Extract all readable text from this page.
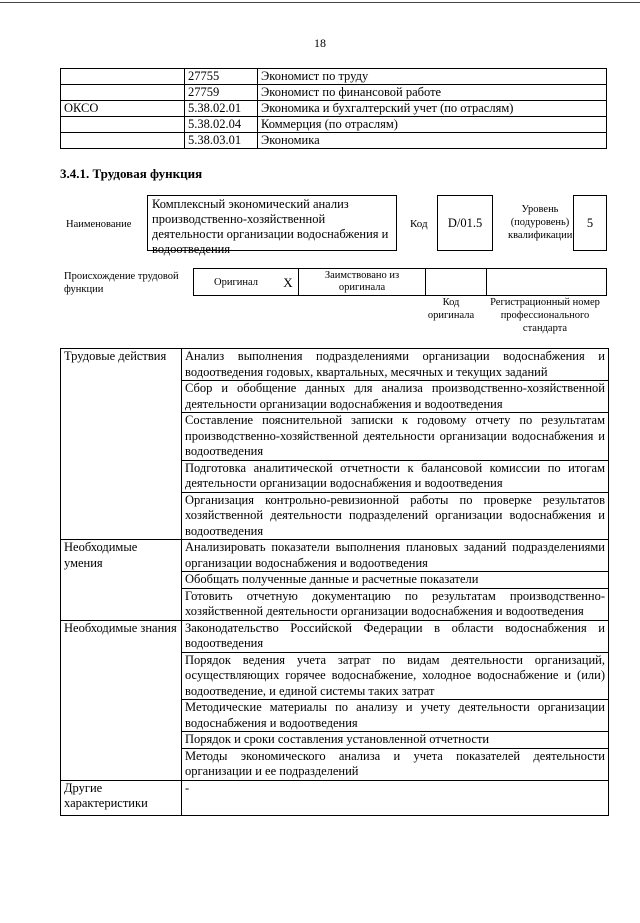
18
	27755	Экономист по труду
	27759	Экономист по финансовой работе
ОКСО	5.38.02.01	Экономика и бухгалтерский учет (по отраслям)
	5.38.02.04	Коммерция (по отраслям)
	5.38.03.01	Экономика
3.4.1. Трудовая функция
Наименование
Комплексный экономический анализ производственно-хозяйственной деятельности организации водоснабжения и водоотведения
Код	D/01.5
Уровень (подуровень) квалификации
5
Происхождение трудовой функции
Оригинал	X	Заимствовано из оригинала		
Код оригинала
Регистрационный номер профессионального стандарта
Трудовые действия	Анализ выполнения подразделениями организации водоснабжения и водоотведения годовых, квартальных, месячных и текущих заданий
	Сбор и обобщение данных для анализа производственно-хозяйственной деятельности организации водоснабжения и водоотведения
	Составление пояснительной записки к годовому отчету по результатам производственно-хозяйственной деятельности организации водоснабжения и водоотведения
	Подготовка аналитической отчетности к балансовой комиссии по итогам деятельности организации водоснабжения и водоотведения
	Организация контрольно-ревизионной работы по проверке результатов хозяйственной деятельности подразделений организации водоснабжения и водоотведения
Необходимые умения	Анализировать показатели выполнения плановых заданий подразделениями организации водоснабжения и водоотведения
	Обобщать полученные данные и расчетные показатели
	Готовить отчетную документацию по результатам производственно-хозяйственной деятельности организации водоснабжения и водоотведения
Необходимые знания	Законодательство Российской Федерации в области водоснабжения и водоотведения
	Порядок ведения учета затрат по видам деятельности организаций, осуществляющих горячее водоснабжение, холодное водоснабжение и (или) водоотведение, и единой системы таких затрат
	Методические материалы по анализу и учету деятельности организации водоснабжения и водоотведения
	Порядок и сроки составления установленной отчетности
	Методы экономического анализа и учета показателей деятельности организации и ее подразделений
Другие характеристики	-
